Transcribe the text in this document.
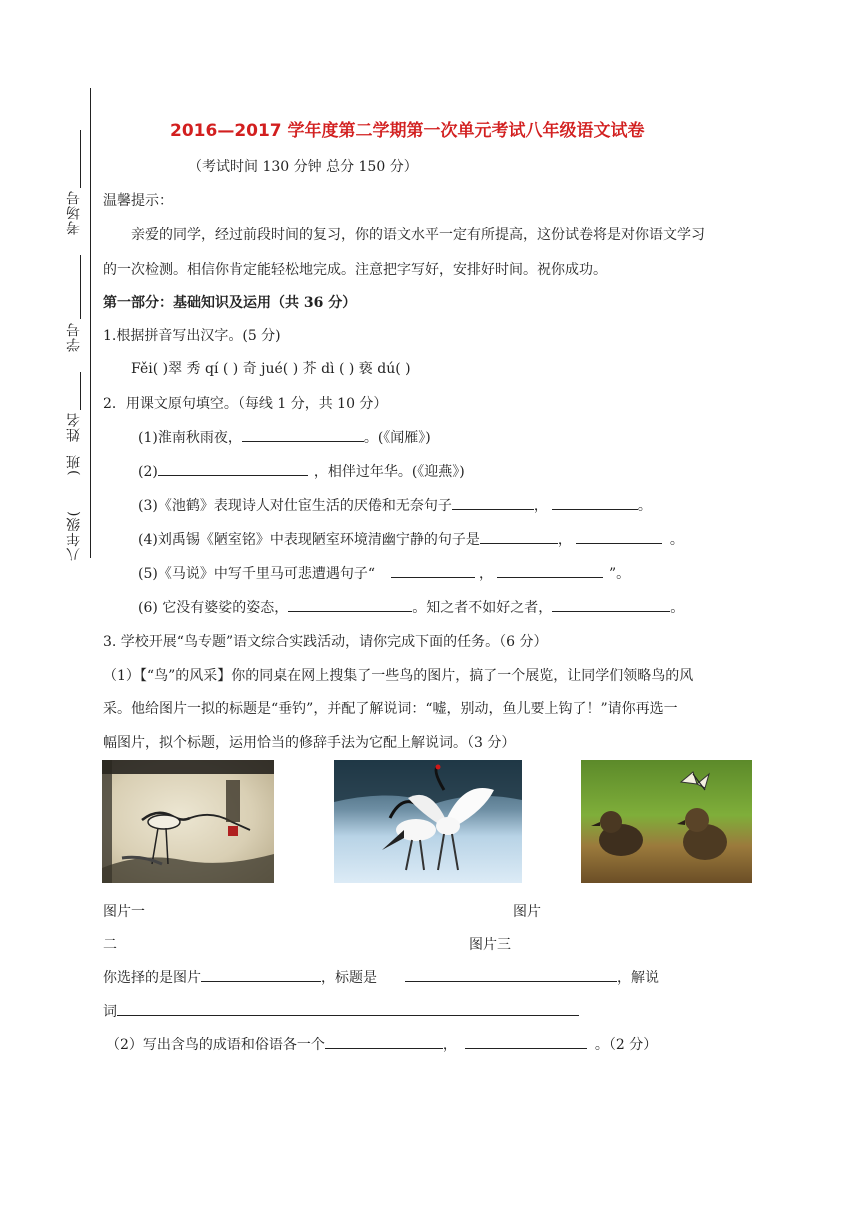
考场号
学号
姓名
)班
八年级(
2016—2017 学年度第二学期第一次单元考试八年级语文试卷
（考试时间 130 分钟 总分 150 分）
温馨提示：
亲爱的同学，经过前段时间的复习，你的语文水平一定有所提高，这份试卷将是对你语文学习
的一次检测。相信你肯定能轻松地完成。注意把字写好，安排好时间。祝你成功。
第一部分：基础知识及运用（共 36 分）
1.根据拼音写出汉字。(5 分)
Fěi( )翠 秀 qí ( ) 奇 jué( ) 芥 dì ( ) 亵 dú( )
2．用课文原句填空。（每线 1 分，共 10 分）
(1)淮南秋雨夜，	。(《闻雁》)
(2)	，相伴过年华。(《迎燕》)
(3)《池鹤》表现诗人对仕宦生活的厌倦和无奈句子	，	。
(4)刘禹锡《陋室铭》中表现陋室环境清幽宁静的句子是	，	。
(5)《马说》中写千里马可悲遭遇句子“	，	”。
(6) 它没有婆娑的姿态，	。知之者不如好之者，	。
3. 学校开展“鸟专题”语文综合实践活动，请你完成下面的任务。（6 分）
（1）【“鸟”的风采】你的同桌在网上搜集了一些鸟的图片，搞了一个展览，让同学们领略鸟的风
采。他给图片一拟的标题是“垂钓”，并配了解说词：“嘘，别动，鱼儿要上钩了！”请你再选一
幅图片，拟个标题，运用恰当的修辞手法为它配上解说词。（3 分）
图片一	图片
二	图片三
你选择的是图片	，标题是	，解说
词
（2）写出含鸟的成语和俗语各一个	，	。（2 分）
